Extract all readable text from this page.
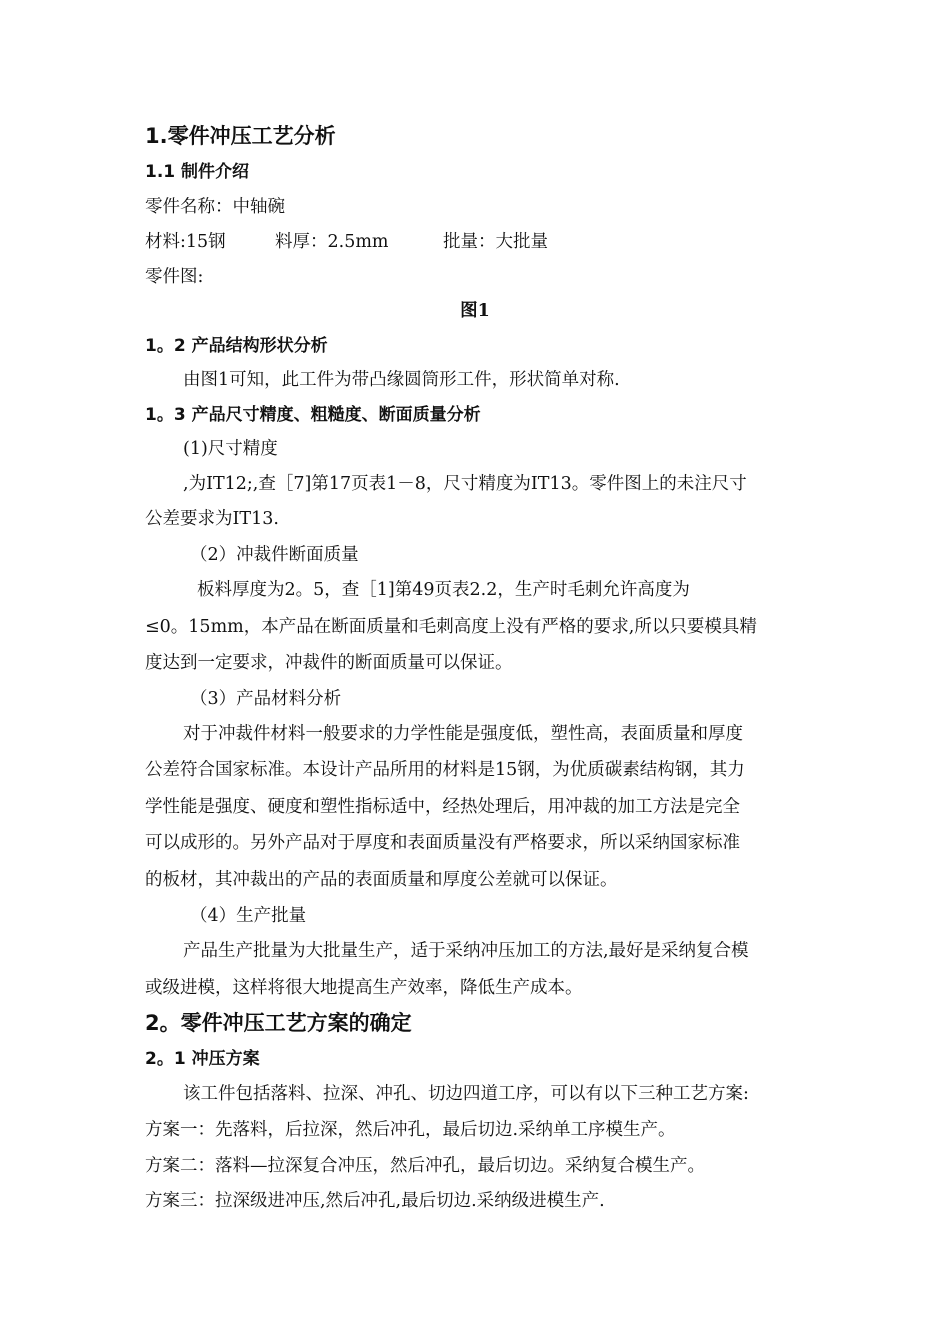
1.零件冲压工艺分析
1.1 制件介绍
零件名称：中轴碗
材料:15钢	料厚：2.5mm	批量：大批量
零件图:
图1
1。2 产品结构形状分析
由图1可知，此工件为带凸缘圆筒形工件，形状简单对称.
1。3 产品尺寸精度、粗糙度、断面质量分析
(1)尺寸精度
,为IT12;,查［7]第17页表1－8，尺寸精度为IT13。零件图上的未注尺寸
公差要求为IT13.
（2）冲裁件断面质量
板料厚度为2。5，查［1]第49页表2.2，生产时毛刺允许高度为
≤0。15mm，本产品在断面质量和毛刺高度上没有严格的要求,所以只要模具精
度达到一定要求，冲裁件的断面质量可以保证。
（3）产品材料分析
对于冲裁件材料一般要求的力学性能是强度低，塑性高，表面质量和厚度
公差符合国家标准。本设计产品所用的材料是15钢，为优质碳素结构钢，其力
学性能是强度、硬度和塑性指标适中，经热处理后，用冲裁的加工方法是完全
可以成形的。另外产品对于厚度和表面质量没有严格要求，所以采纳国家标准
的板材，其冲裁出的产品的表面质量和厚度公差就可以保证。
（4）生产批量
产品生产批量为大批量生产，适于采纳冲压加工的方法,最好是采纳复合模
或级进模，这样将很大地提高生产效率，降低生产成本。
2。零件冲压工艺方案的确定
2。1 冲压方案
该工件包括落料、拉深、冲孔、切边四道工序，可以有以下三种工艺方案:
方案一：先落料，后拉深，然后冲孔，最后切边.采纳单工序模生产。
方案二：落料—拉深复合冲压，然后冲孔，最后切边。采纳复合模生产。
方案三：拉深级进冲压,然后冲孔,最后切边.采纳级进模生产.
